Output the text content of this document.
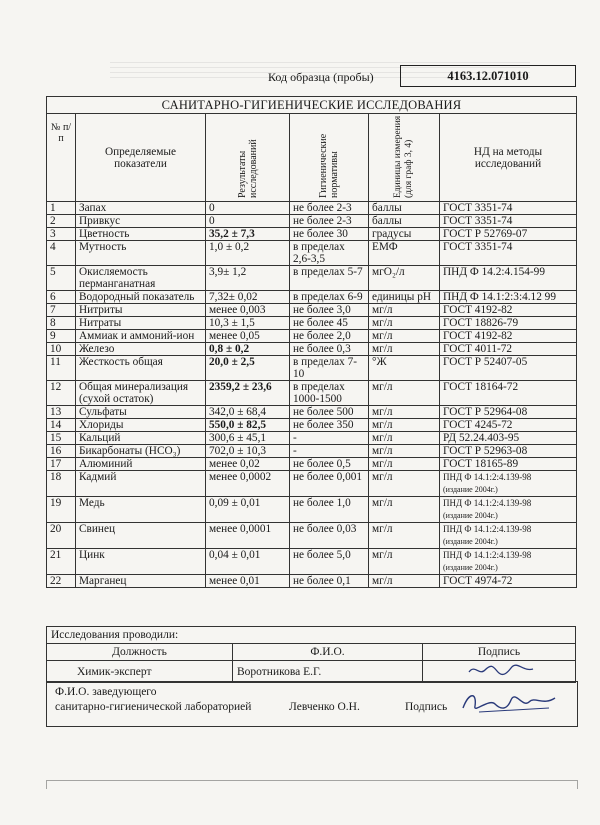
Код образца (пробы)	4163.12.071010
САНИТАРНО-ГИГИЕНИЧЕСКИЕ ИССЛЕДОВАНИЯ					
№ п/п	Определяемые показатели	Результаты исследований	Гигиенические нормативы	Единицы измерения (для граф 3, 4)	НД на методы исследований
1	Запах	0	не более 2-3	баллы	ГОСТ 3351-74
2	Привкус	0	не более 2-3	баллы	ГОСТ 3351-74
3	Цветность	35,2 ± 7,3	не более 30	градусы	ГОСТ Р 52769-07
4	Мутность	1,0 ± 0,2	в пределах 2,6-3,5	ЕМФ	ГОСТ 3351-74
5	Окисляемость перманганатная	3,9± 1,2	в пределах 5-7	мгО₂/л	ПНД Ф 14.2:4.154-99
6	Водородный показатель	7,32± 0,02	в пределах 6-9	единицы рН	ПНД Ф 14.1:2:3:4.12 99
7	Нитриты	менее 0,003	не более 3,0	мг/л	ГОСТ 4192-82
8	Нитраты	10,3 ± 1,5	не более 45	мг/л	ГОСТ 18826-79
9	Аммиак и аммоний-ион	менее 0,05	не более 2,0	мг/л	ГОСТ 4192-82
10	Железо	0,8 ± 0,2	не более 0,3	мг/л	ГОСТ 4011-72
11	Жесткость общая	20,0 ± 2,5	в пределах 7-10	°Ж	ГОСТ Р 52407-05
12	Общая минерализация (сухой остаток)	2359,2 ± 23,6	в пределах 1000-1500	мг/л	ГОСТ 18164-72
13	Сульфаты	342,0 ± 68,4	не более 500	мг/л	ГОСТ Р 52964-08
14	Хлориды	550,0 ± 82,5	не более 350	мг/л	ГОСТ 4245-72
15	Кальций	300,6 ± 45,1	-	мг/л	РД 52.24.403-95
16	Бикарбонаты (НСО₃)	702,0 ± 10,3	-	мг/л	ГОСТ Р 52963-08
17	Алюминий	менее 0,02	не более 0,5	мг/л	ГОСТ 18165-89
18	Кадмий	менее 0,0002	не более 0,001	мг/л	ПНД Ф 14.1:2:4.139-98
(издание 2004г.)
19	Медь	0,09 ± 0,01	не более 1,0	мг/л	ПНД Ф 14.1:2:4.139-98
(издание 2004г.)
20	Свинец	менее 0,0001	не более 0,03	мг/л	ПНД Ф 14.1:2:4.139-98
(издание 2004г.)
21	Цинк	0,04 ± 0,01	не более 5,0	мг/л	ПНД Ф 14.1:2:4.139-98
(издание 2004г.)
22	Марганец	менее 0,01	не более 0,1	мг/л	ГОСТ 4974-72
Исследования проводили:		
Должность	Ф.И.О.	Подпись
Химик-эксперт	Воротникова Е.Г.	
Ф.И.О. заведующего
санитарно-гигиенической лабораторией	Левченко О.Н.	Подпись
